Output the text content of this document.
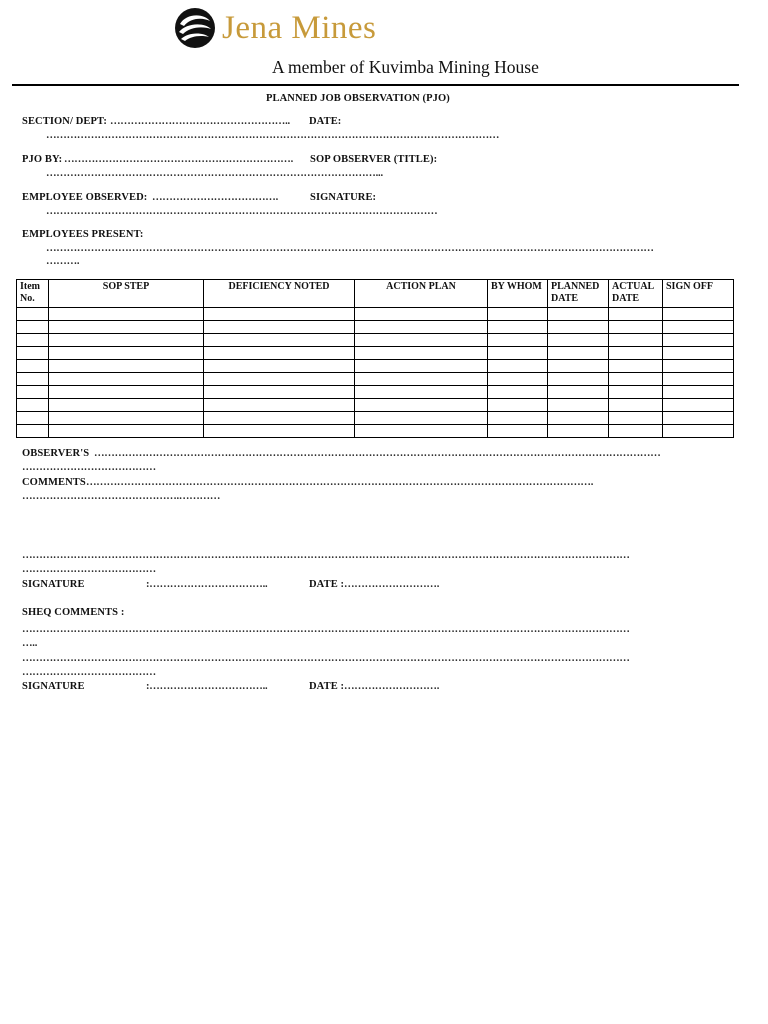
Jena Mines
A member of Kuvimba Mining House
PLANNED JOB OBSERVATION (PJO)
SECTION/ DEPT: …………………………………………….. DATE:
……………………………………………………………………………………………………………………
PJO BY: …………………………………………………………. SOP OBSERVER (TITLE):
……………………………………………………………………………………...
EMPLOYEE OBSERVED: ……………………………….	SIGNATURE:
……………………………………………………………………………………………………
EMPLOYEES PRESENT:
……………………………………………………………………………………………………………………………………………………………
……….
Item No.	SOP STEP	DEFICIENCY NOTED	ACTION PLAN	BY WHOM	PLANNED DATE	ACTUAL DATE	SIGN OFF

OBSERVER'S …………………………………………………………………………………………………………………………………………………
…………………………………
COMMENTS ………………………………………………………………………………………………………………………………….
……………………………………….…………
……………………………………………………………………………………………………………………………………………………………
…………………………………
SIGNATURE	:……………………………..	DATE : ……………………….
SHEQ COMMENTS :
……………………………………………………………………………………………………………………………………………………………
…..
……………………………………………………………………………………………………………………………………………………………
…………………………………
SIGNATURE	:……………………………..	DATE : ……………………….
